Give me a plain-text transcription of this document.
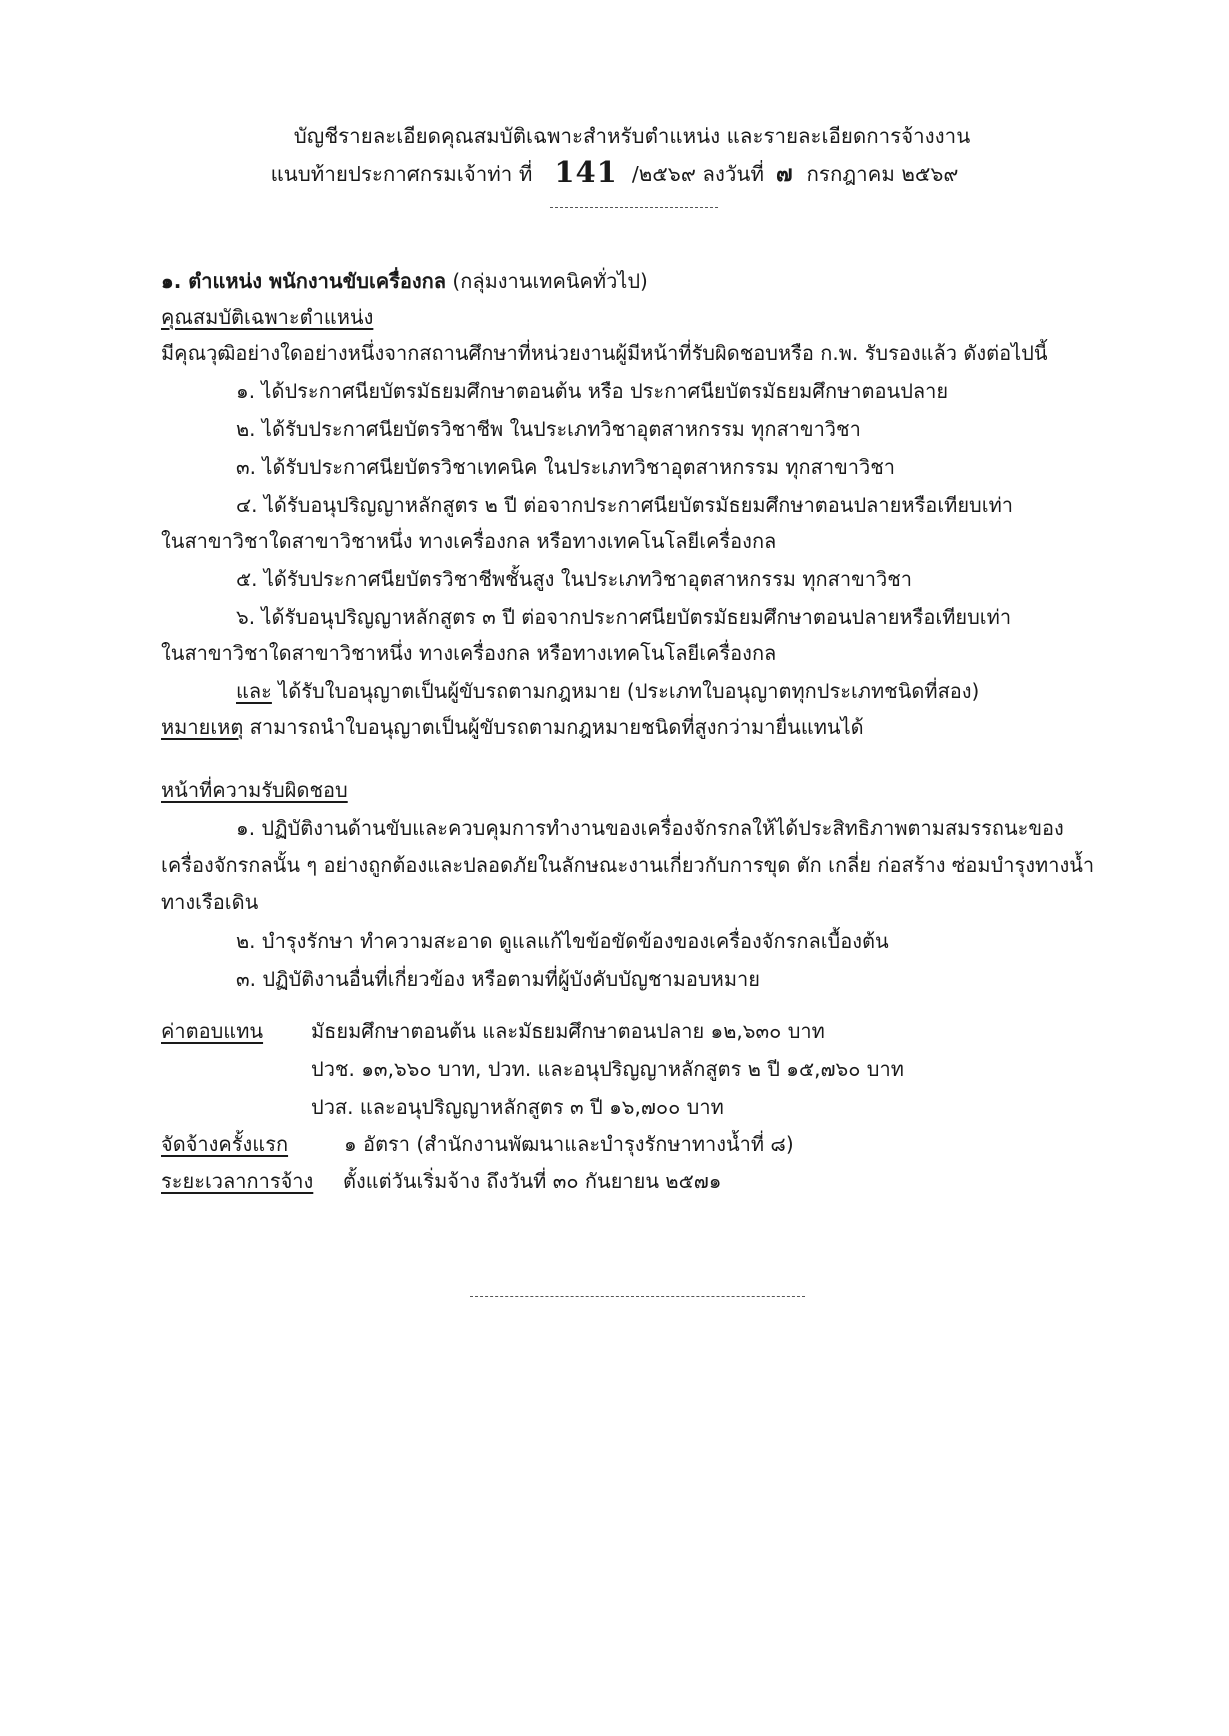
บัญชีรายละเอียดคุณสมบัติเฉพาะสำหรับตำแหน่ง และรายละเอียดการจ้างงาน
แนบท้ายประกาศกรมเจ้าท่า ที่ 141 /๒๕๖๙ ลงวันที่ ๗ กรกฎาคม ๒๕๖๙
๑. ตำแหน่ง พนักงานขับเครื่องกล (กลุ่มงานเทคนิคทั่วไป)
คุณสมบัติเฉพาะตำแหน่ง
มีคุณวุฒิอย่างใดอย่างหนึ่งจากสถานศึกษาที่หน่วยงานผู้มีหน้าที่รับผิดชอบหรือ ก.พ. รับรองแล้ว ดังต่อไปนี้
๑. ได้ประกาศนียบัตรมัธยมศึกษาตอนต้น หรือ ประกาศนียบัตรมัธยมศึกษาตอนปลาย
๒. ได้รับประกาศนียบัตรวิชาชีพ ในประเภทวิชาอุตสาหกรรม ทุกสาขาวิชา
๓. ได้รับประกาศนียบัตรวิชาเทคนิค ในประเภทวิชาอุตสาหกรรม ทุกสาขาวิชา
๔. ได้รับอนุปริญญาหลักสูตร ๒ ปี ต่อจากประกาศนียบัตรมัธยมศึกษาตอนปลายหรือเทียบเท่า
ในสาขาวิชาใดสาขาวิชาหนึ่ง ทางเครื่องกล หรือทางเทคโนโลยีเครื่องกล
๕. ได้รับประกาศนียบัตรวิชาชีพชั้นสูง ในประเภทวิชาอุตสาหกรรม ทุกสาขาวิชา
๖. ได้รับอนุปริญญาหลักสูตร ๓ ปี ต่อจากประกาศนียบัตรมัธยมศึกษาตอนปลายหรือเทียบเท่า
ในสาขาวิชาใดสาขาวิชาหนึ่ง ทางเครื่องกล หรือทางเทคโนโลยีเครื่องกล
และ ได้รับใบอนุญาตเป็นผู้ขับรถตามกฎหมาย (ประเภทใบอนุญาตทุกประเภทชนิดที่สอง)
หมายเหตุ สามารถนำใบอนุญาตเป็นผู้ขับรถตามกฎหมายชนิดที่สูงกว่ามายื่นแทนได้
หน้าที่ความรับผิดชอบ
๑. ปฏิบัติงานด้านขับและควบคุมการทำงานของเครื่องจักรกลให้ได้ประสิทธิภาพตามสมรรถนะของ
เครื่องจักรกลนั้น ๆ อย่างถูกต้องและปลอดภัยในลักษณะงานเกี่ยวกับการขุด ตัก เกลี่ย ก่อสร้าง ซ่อมบำรุงทางน้ำ
ทางเรือเดิน
๒. บำรุงรักษา ทำความสะอาด ดูแลแก้ไขข้อขัดข้องของเครื่องจักรกลเบื้องต้น
๓. ปฏิบัติงานอื่นที่เกี่ยวข้อง หรือตามที่ผู้บังคับบัญชามอบหมาย
ค่าตอบแทน มัธยมศึกษาตอนต้น และมัธยมศึกษาตอนปลาย ๑๒,๖๓๐ บาท
ปวช. ๑๓,๖๖๐ บาท, ปวท. และอนุปริญญาหลักสูตร ๒ ปี ๑๕,๗๖๐ บาท
ปวส. และอนุปริญญาหลักสูตร ๓ ปี ๑๖,๗๐๐ บาท
จัดจ้างครั้งแรก	๑ อัตรา (สำนักงานพัฒนาและบำรุงรักษาทางน้ำที่ ๘)
ระยะเวลาการจ้าง ตั้งแต่วันเริ่มจ้าง ถึงวันที่ ๓๐ กันยายน ๒๕๗๑
